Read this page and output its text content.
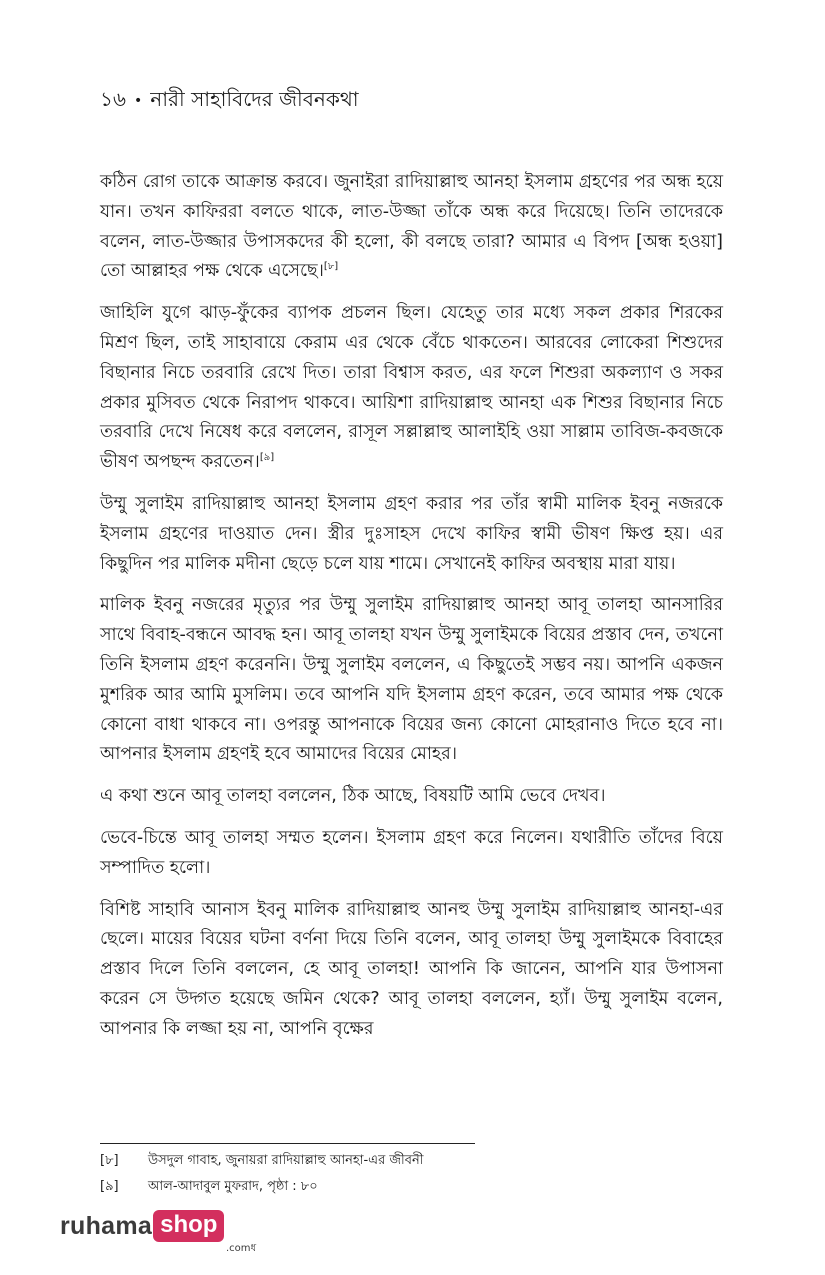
১৬ • নারী সাহাবিদের জীবনকথা

কঠিন রোগ তাকে আক্রান্ত করবে। জুনাইরা রাদিয়াল্লাহু আনহা ইসলাম গ্রহণের পর অন্ধ হয়ে যান। তখন কাফিররা বলতে থাকে, লাত-উজ্জা তাঁকে অন্ধ করে দিয়েছে। তিনি তাদেরকে বলেন, লাত-উজ্জার উপাসকদের কী হলো, কী বলছে তারা? আমার এ বিপদ [অন্ধ হওয়া] তো আল্লাহর পক্ষ থেকে এসেছে।[৮]

জাহিলি যুগে ঝাড়-ফুঁকের ব্যাপক প্রচলন ছিল। যেহেতু তার মধ্যে সকল প্রকার শিরকের মিশ্রণ ছিল, তাই সাহাবায়ে কেরাম এর থেকে বেঁচে থাকতেন। আরবের লোকেরা শিশুদের বিছানার নিচে তরবারি রেখে দিত। তারা বিশ্বাস করত, এর ফলে শিশুরা অকল্যাণ ও সকর প্রকার মুসিবত থেকে নিরাপদ থাকবে। আয়িশা রাদিয়াল্লাহু আনহা এক শিশুর বিছানার নিচে তরবারি দেখে নিষেধ করে বললেন, রাসূল সল্লাল্লাহু আলাইহি ওয়া সাল্লাম তাবিজ-কবজকে ভীষণ অপছন্দ করতেন।[৯]

উম্মু সুলাইম রাদিয়াল্লাহু আনহা ইসলাম গ্রহণ করার পর তাঁর স্বামী মালিক ইবনু নজরকে ইসলাম গ্রহণের দাওয়াত দেন। স্ত্রীর দুঃসাহস দেখে কাফির স্বামী ভীষণ ক্ষিপ্ত হয়। এর কিছুদিন পর মালিক মদীনা ছেড়ে চলে যায় শামে। সেখানেই কাফির অবস্থায় মারা যায়।

মালিক ইবনু নজরের মৃত্যুর পর উম্মু সুলাইম রাদিয়াল্লাহু আনহা আবূ তালহা আনসারির সাথে বিবাহ-বন্ধনে আবদ্ধ হন। আবূ তালহা যখন উম্মু সুলাইমকে বিয়ের প্রস্তাব দেন, তখনো তিনি ইসলাম গ্রহণ করেননি। উম্মু সুলাইম বললেন, এ কিছুতেই সম্ভব নয়। আপনি একজন মুশরিক আর আমি মুসলিম। তবে আপনি যদি ইসলাম গ্রহণ করেন, তবে আমার পক্ষ থেকে কোনো বাধা থাকবে না। ওপরন্তু আপনাকে বিয়ের জন্য কোনো মোহরানাও দিতে হবে না। আপনার ইসলাম গ্রহণই হবে আমাদের বিয়ের মোহর।

এ কথা শুনে আবূ তালহা বললেন, ঠিক আছে, বিষয়টি আমি ভেবে দেখব।

ভেবে-চিন্তে আবূ তালহা সম্মত হলেন। ইসলাম গ্রহণ করে নিলেন। যথারীতি তাঁদের বিয়ে সম্পাদিত হলো।

বিশিষ্ট সাহাবি আনাস ইবনু মালিক রাদিয়াল্লাহু আনহু উম্মু সুলাইম রাদিয়াল্লাহু আনহা-এর ছেলে। মায়ের বিয়ের ঘটনা বর্ণনা দিয়ে তিনি বলেন, আবূ তালহা উম্মু সুলাইমকে বিবাহের প্রস্তাব দিলে তিনি বললেন, হে আবূ তালহা! আপনি কি জানেন, আপনি যার উপাসনা করেন সে উদ্গত হয়েছে জমিন থেকে? আবূ তালহা বললেন, হ্যাঁ। উম্মু সুলাইম বলেন, আপনার কি লজ্জা হয় না, আপনি বৃক্ষের

[৮]	উসদুল গাবাহ, জুনায়রা রাদিয়াল্লাহু আনহা-এর জীবনী
[৯]	আল-আদাবুল মুফরাদ, পৃষ্ঠা : ৮০
ruhama shop
.comধ
